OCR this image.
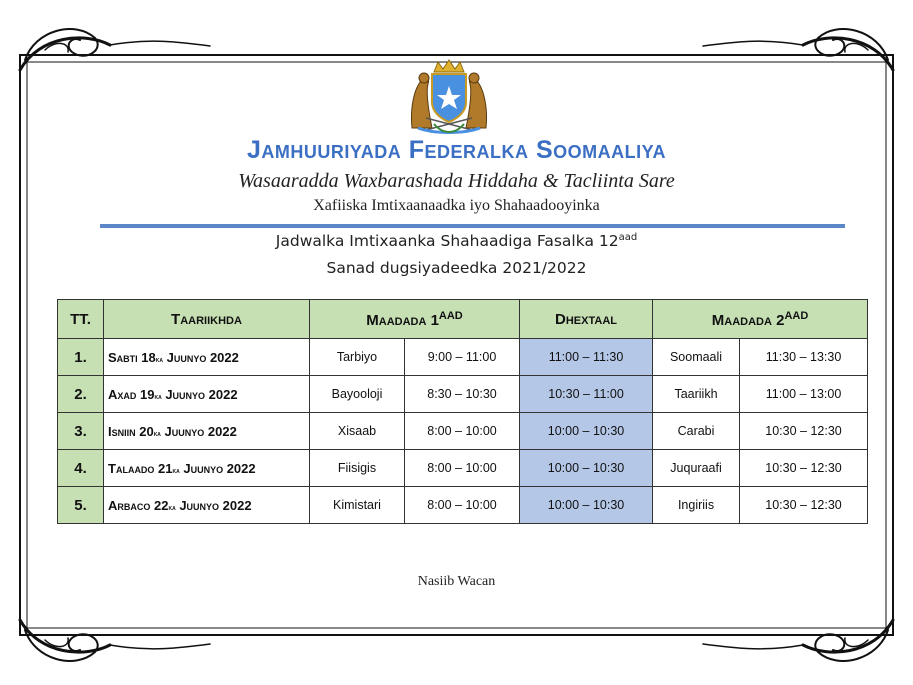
Jamhuuriyada Federalka Soomaaliya
Wasaaradda Waxbarashada Hiddaha & Tacliinta Sare
Xafiiska Imtixaanaadka iyo Shahaadooyinka
Jadwalka Imtixaanka Shahaadiga Fasalka $12^{aad}$
Sanad dugsiyadeedka 2021/2022
TT.	Taariikhda	Maadada $1^{AAD}$		Dhextaal	Maadada $2^{AAD}$
1.	Sabti 18ka Juunyo 2022	Tarbiyo	9:00 – 11:00	11:00 – 11:30	Soomaali	11:30 – 13:30
2.	Axad 19ka Juunyo 2022	Bayooloji	8:30 – 10:30	10:30 – 11:00	Taariikh	11:00 – 13:00
3.	Isniin 20ka Juunyo 2022	Xisaab	8:00 – 10:00	10:00 – 10:30	Carabi	10:30 – 12:30
4.	Talaado 21ka Juunyo 2022	Fiisigis	8:00 – 10:00	10:00 – 10:30	Juquraafi	10:30 – 12:30
5.	Arbaco 22ka Juunyo 2022	Kimistari	8:00 – 10:00	10:00 – 10:30	Ingiriis	10:30 – 12:30
Nasiib Wacan
